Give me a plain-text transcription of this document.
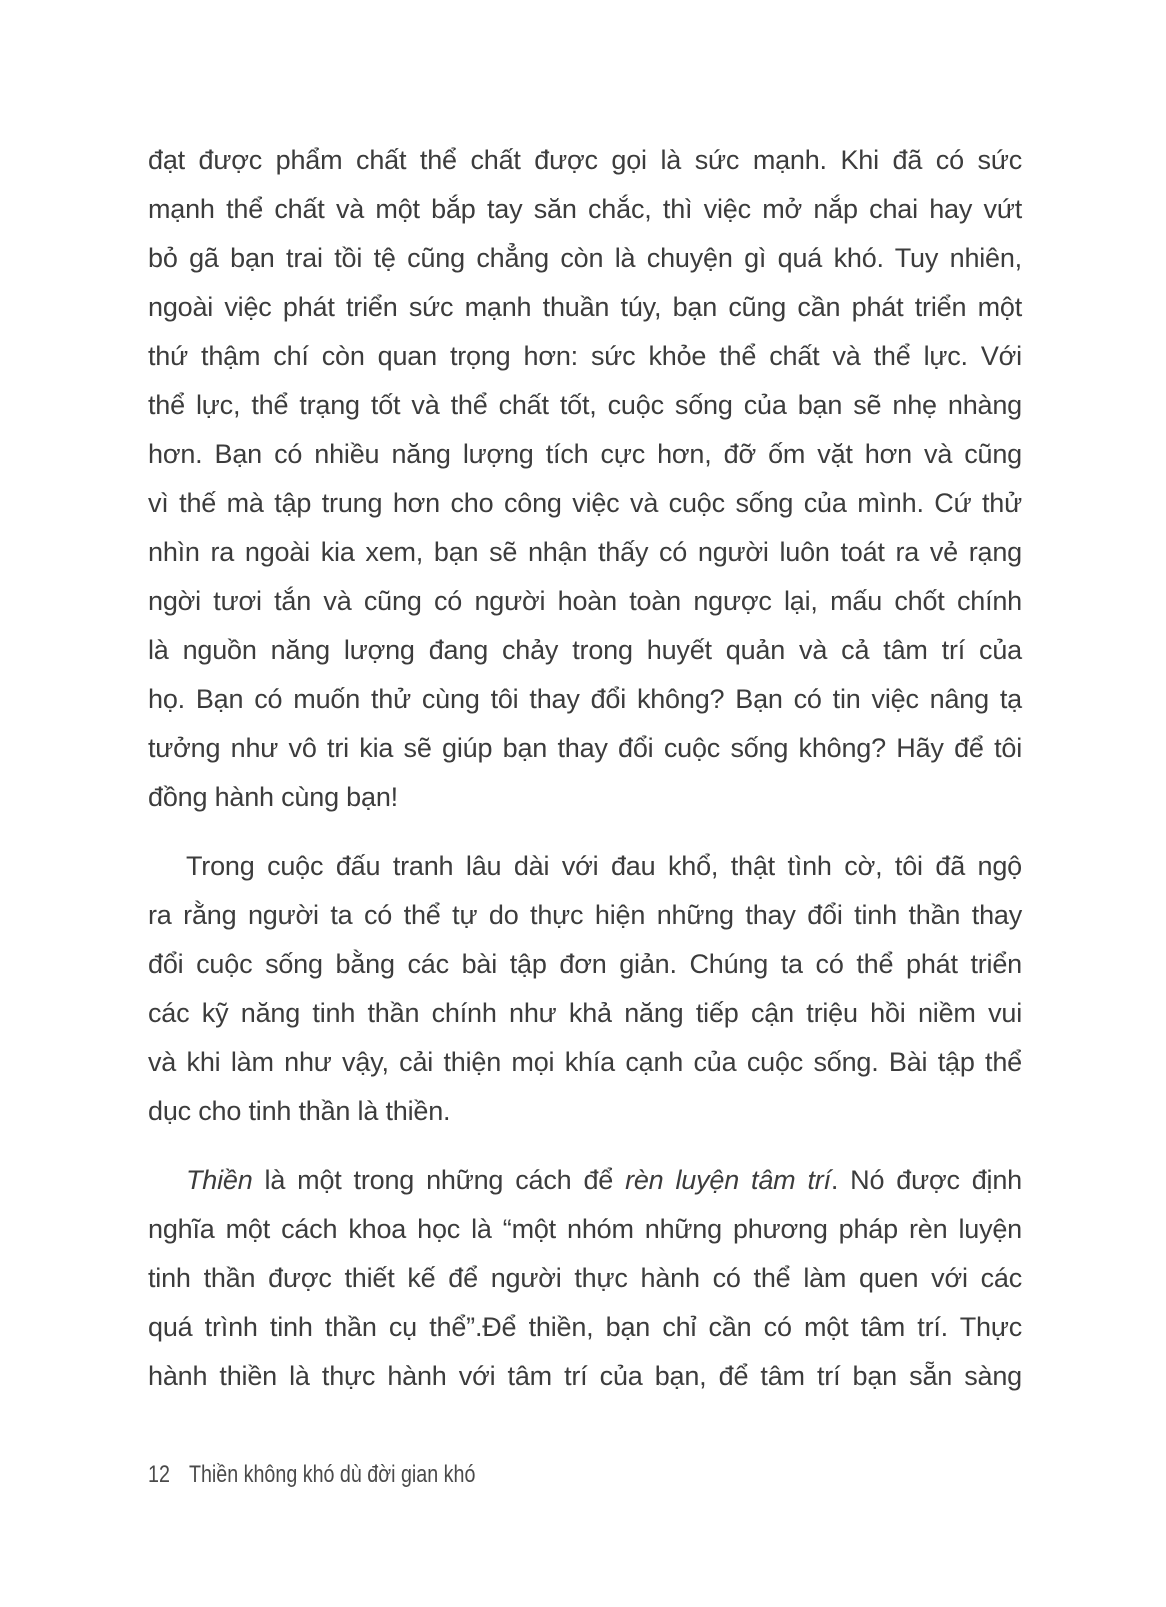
đạt được phẩm chất thể chất được gọi là sức mạnh. Khi đã có sức
mạnh thể chất và một bắp tay săn chắc, thì việc mở nắp chai hay vứt
bỏ gã bạn trai tồi tệ cũng chẳng còn là chuyện gì quá khó. Tuy nhiên,
ngoài việc phát triển sức mạnh thuần túy, bạn cũng cần phát triển một
thứ thậm chí còn quan trọng hơn: sức khỏe thể chất và thể lực. Với
thể lực, thể trạng tốt và thể chất tốt, cuộc sống của bạn sẽ nhẹ nhàng
hơn. Bạn có nhiều năng lượng tích cực hơn, đỡ ốm vặt hơn và cũng
vì thế mà tập trung hơn cho công việc và cuộc sống của mình. Cứ thử
nhìn ra ngoài kia xem, bạn sẽ nhận thấy có người luôn toát ra vẻ rạng
ngời tươi tắn và cũng có người hoàn toàn ngược lại, mấu chốt chính
là nguồn năng lượng đang chảy trong huyết quản và cả tâm trí của
họ. Bạn có muốn thử cùng tôi thay đổi không? Bạn có tin việc nâng tạ
tưởng như vô tri kia sẽ giúp bạn thay đổi cuộc sống không? Hãy để tôi
đồng hành cùng bạn!
Trong cuộc đấu tranh lâu dài với đau khổ, thật tình cờ, tôi đã ngộ
ra rằng người ta có thể tự do thực hiện những thay đổi tinh thần thay
đổi cuộc sống bằng các bài tập đơn giản. Chúng ta có thể phát triển
các kỹ năng tinh thần chính như khả năng tiếp cận triệu hồi niềm vui
và khi làm như vậy, cải thiện mọi khía cạnh của cuộc sống. Bài tập thể
dục cho tinh thần là thiền.
Thiền là một trong những cách để rèn luyện tâm trí. Nó được định
nghĩa một cách khoa học là “một nhóm những phương pháp rèn luyện
tinh thần được thiết kế để người thực hành có thể làm quen với các
quá trình tinh thần cụ thể”.Để thiền, bạn chỉ cần có một tâm trí. Thực
hành thiền là thực hành với tâm trí của bạn, để tâm trí bạn sẵn sàng
12 Thiền không khó dù đời gian khó
